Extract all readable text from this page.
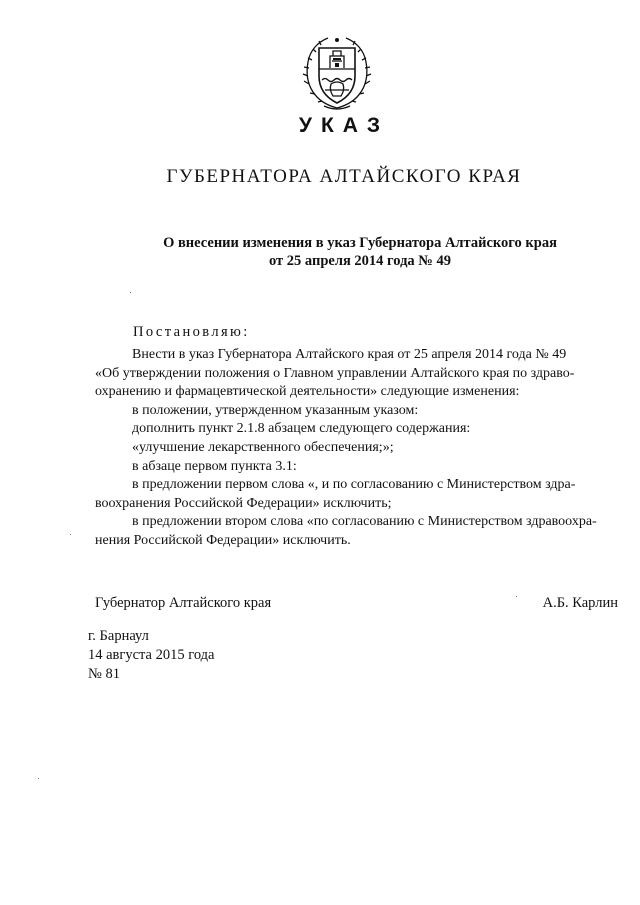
УКАЗ
ГУБЕРНАТОРА АЛТАЙСКОГО КРАЯ
О внесении изменения в указ Губернатора Алтайского края
от 25 апреля 2014 года № 49
Постановляю:

Внести в указ Губернатора Алтайского края от 25 апреля 2014 года № 49

«Об утверждении положения о Главном управлении Алтайского края по здраво-

охранению и фармацевтической деятельности» следующие изменения:

в положении, утвержденном указанным указом:

дополнить пункт 2.1.8 абзацем следующего содержания:

«улучшение лекарственного обеспечения;»;

в абзаце первом пункта 3.1:

в предложении первом слова «, и по согласованию с Министерством здра-

воохранения Российской Федерации» исключить;

в предложении втором слова «по согласованию с Министерством здравоохра-

нения Российской Федерации» исключить.

Губернатор Алтайского края	А.Б. Карлин
г. Барнаул
14 августа 2015 года
№ 81
